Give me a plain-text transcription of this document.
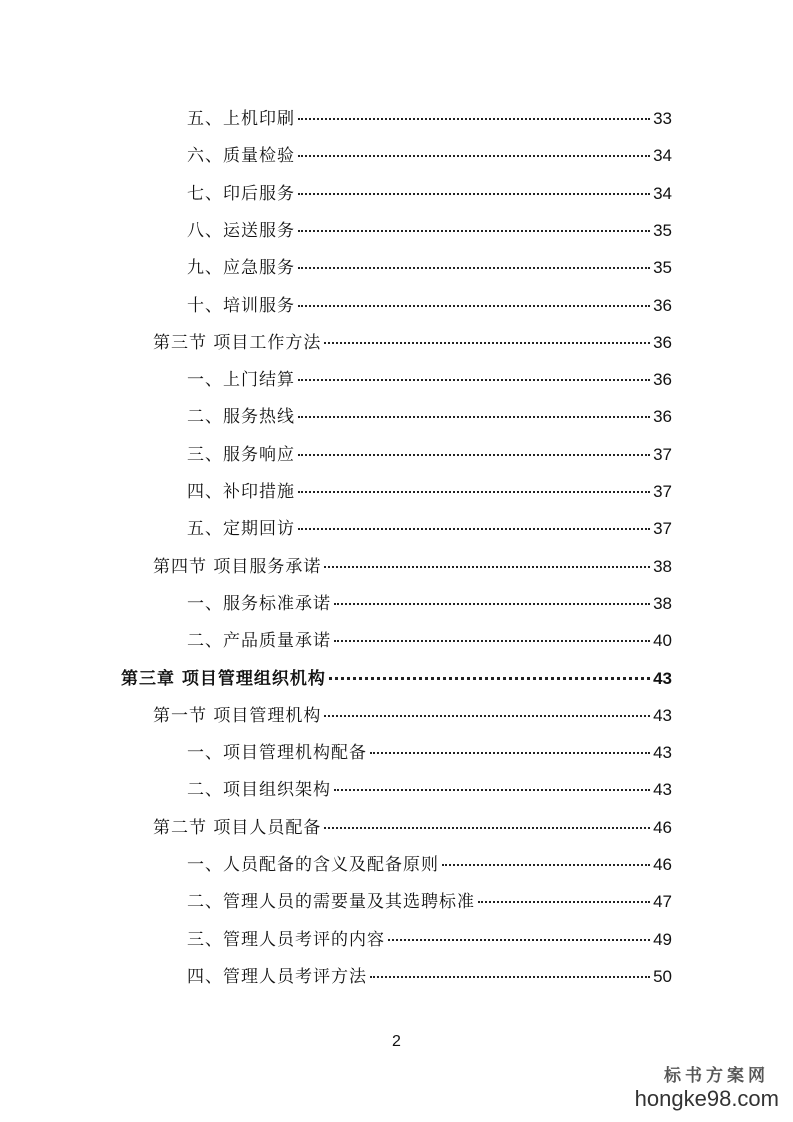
五、上机印刷	33
六、质量检验	34
七、印后服务	34
八、运送服务	35
九、应急服务	35
十、培训服务	36
第三节 项目工作方法	36
一、上门结算	36
二、服务热线	36
三、服务响应	37
四、补印措施	37
五、定期回访	37
第四节 项目服务承诺	38
一、服务标准承诺	38
二、产品质量承诺	40
第三章 项目管理组织机构	43
第一节 项目管理机构	43
一、项目管理机构配备	43
二、项目组织架构	43
第二节 项目人员配备	46
一、人员配备的含义及配备原则	46
二、管理人员的需要量及其选聘标准	47
三、管理人员考评的内容	49
四、管理人员考评方法	50
2
标书方案网
hongke98.com
